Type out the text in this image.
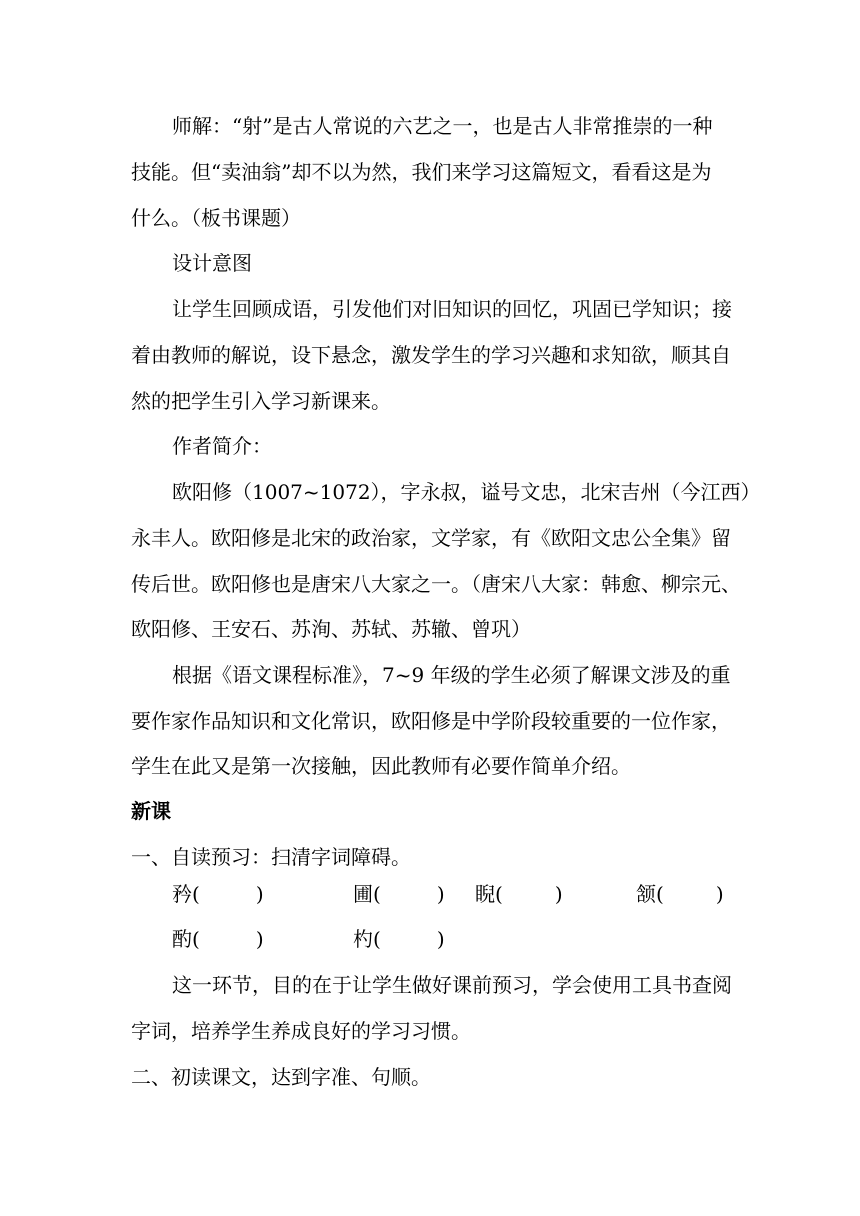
师解：“射”是古人常说的六艺之一，也是古人非常推崇的一种
技能。但“卖油翁”却不以为然，我们来学习这篇短文，看看这是为
什么。（板书课题）
设计意图
让学生回顾成语，引发他们对旧知识的回忆，巩固已学知识；接
着由教师的解说，设下悬念，激发学生的学习兴趣和求知欲，顺其自
然的把学生引入学习新课来。
作者简介：
欧阳修（1007~1072），字永叔，谥号文忠，北宋吉州（今江西）
永丰人。欧阳修是北宋的政治家，文学家，有《欧阳文忠公全集》留
传后世。欧阳修也是唐宋八大家之一。（唐宋八大家：韩愈、柳宗元、
欧阳修、王安石、苏洵、苏轼、苏辙、曾巩）
根据《语文课程标准》，7~9 年级的学生必须了解课文涉及的重
要作家作品知识和文化常识，欧阳修是中学阶段较重要的一位作家，
学生在此又是第一次接触，因此教师有必要作简单介绍。
新课
一、自读预习：扫清字词障碍。
矜(	)	圃(	) 睨(	)	颔(	)
酌(	)	杓(	)
这一环节，目的在于让学生做好课前预习，学会使用工具书查阅
字词，培养学生养成良好的学习习惯。
二、初读课文，达到字准、句顺。
